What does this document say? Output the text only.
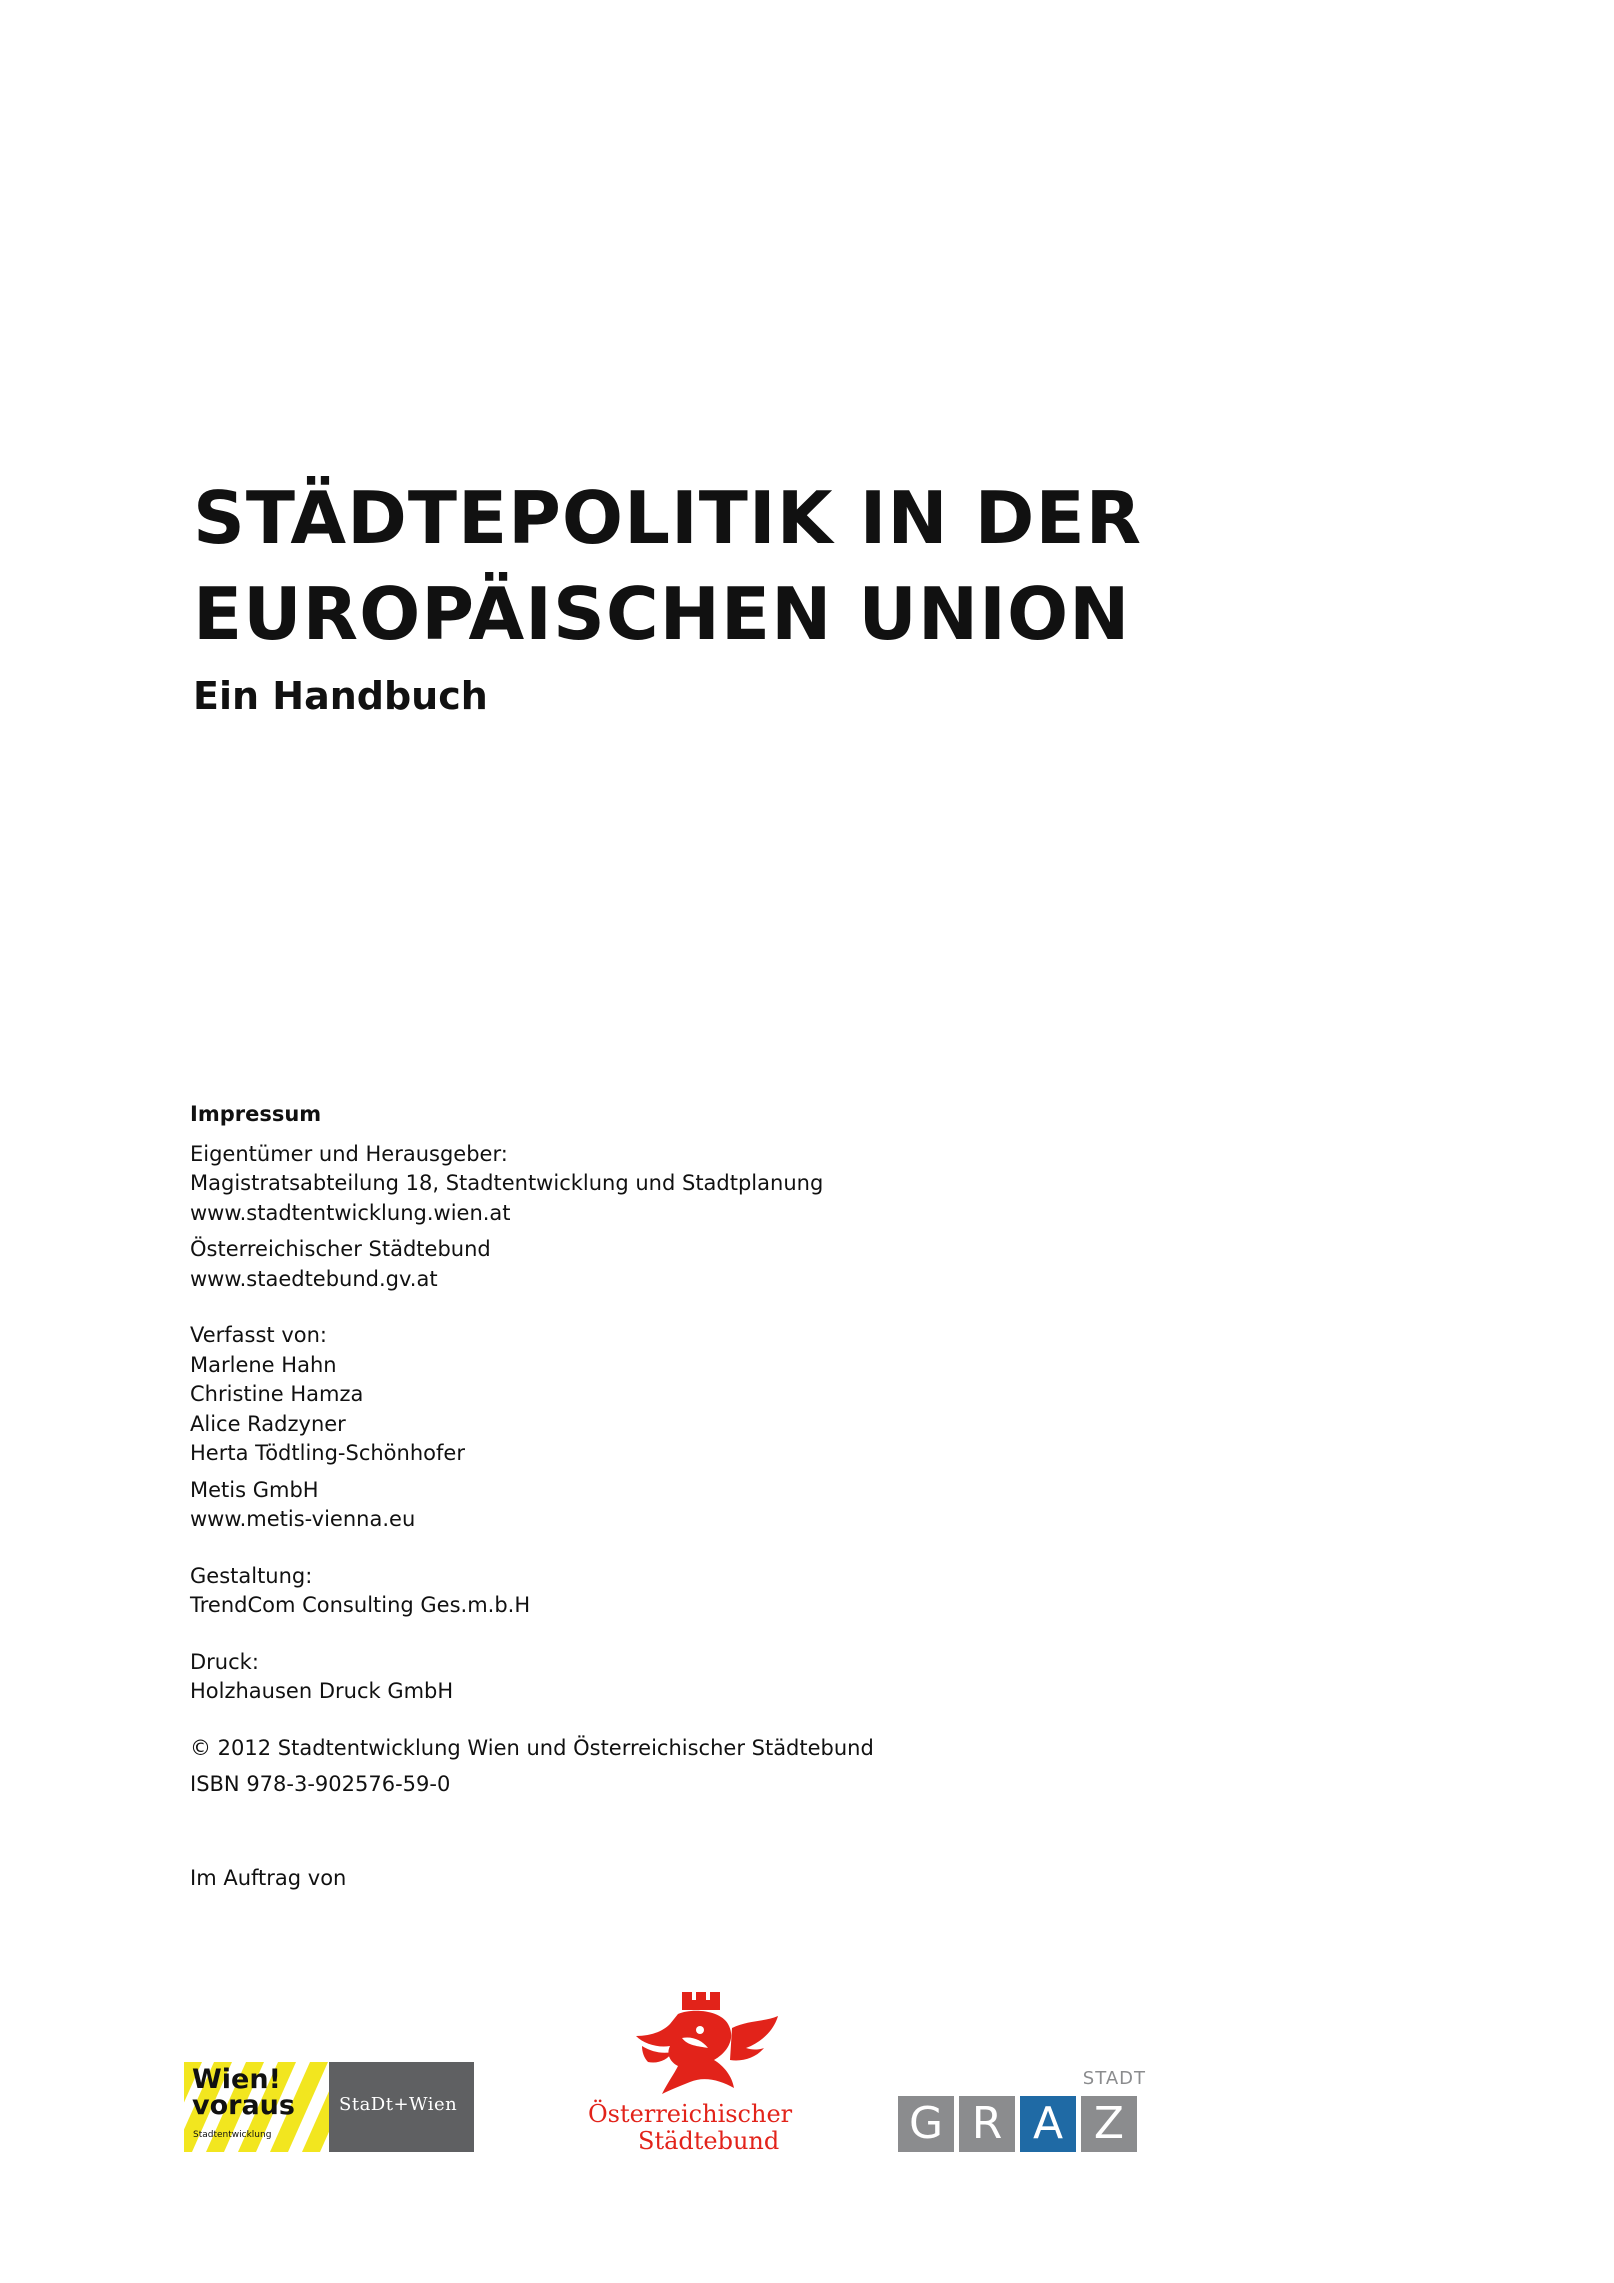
STÄDTEPOLITIK IN DER
EUROPÄISCHEN UNION
Ein Handbuch
Impressum
Eigentümer und Herausgeber:
Magistratsabteilung 18, Stadtentwicklung und Stadtplanung
www.stadtentwicklung.wien.at
Österreichischer Städtebund
www.staedtebund.gv.at
Verfasst von:
Marlene Hahn
Christine Hamza
Alice Radzyner
Herta Tödtling-Schönhofer
Metis GmbH
www.metis-vienna.eu
Gestaltung:
TrendCom Consulting Ges.m.b.H
Druck:
Holzhausen Druck GmbH
© 2012 Stadtentwicklung Wien und Österreichischer Städtebund
ISBN 978-3-902576-59-0
Im Auftrag von
Wien!
voraus
Stadtentwicklung
StaDt+Wien	Österreichischer
Städtebund
STADT
G R A Z
